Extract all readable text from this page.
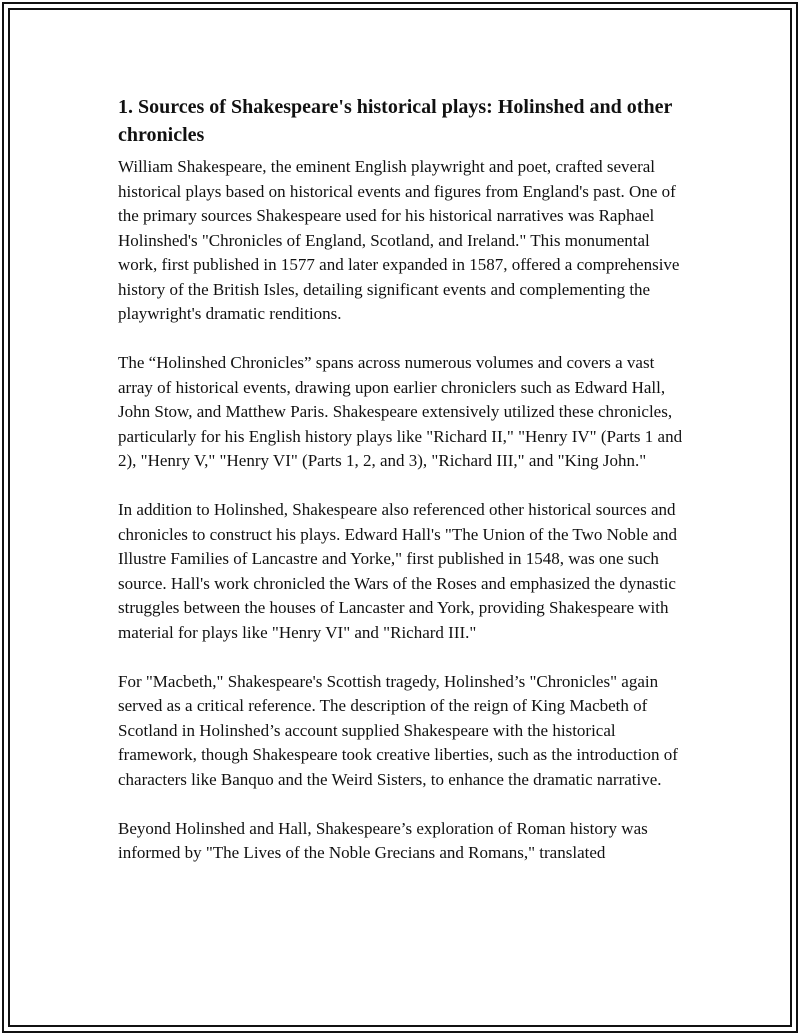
1. Sources of Shakespeare's historical plays: Holinshed and other chronicles

William Shakespeare, the eminent English playwright and poet, crafted several historical plays based on historical events and figures from England's past. One of the primary sources Shakespeare used for his historical narratives was Raphael Holinshed's "Chronicles of England, Scotland, and Ireland." This monumental work, first published in 1577 and later expanded in 1587, offered a comprehensive history of the British Isles, detailing significant events and complementing the playwright's dramatic renditions.

The “Holinshed Chronicles” spans across numerous volumes and covers a vast array of historical events, drawing upon earlier chroniclers such as Edward Hall, John Stow, and Matthew Paris. Shakespeare extensively utilized these chronicles, particularly for his English history plays like "Richard II," "Henry IV" (Parts 1 and 2), "Henry V," "Henry VI" (Parts 1, 2, and 3), "Richard III," and "King John."

In addition to Holinshed, Shakespeare also referenced other historical sources and chronicles to construct his plays. Edward Hall's "The Union of the Two Noble and Illustre Families of Lancastre and Yorke," first published in 1548, was one such source. Hall's work chronicled the Wars of the Roses and emphasized the dynastic struggles between the houses of Lancaster and York, providing Shakespeare with material for plays like "Henry VI" and "Richard III."

For "Macbeth," Shakespeare's Scottish tragedy, Holinshed’s "Chronicles" again served as a critical reference. The description of the reign of King Macbeth of Scotland in Holinshed’s account supplied Shakespeare with the historical framework, though Shakespeare took creative liberties, such as the introduction of characters like Banquo and the Weird Sisters, to enhance the dramatic narrative.

Beyond Holinshed and Hall, Shakespeare’s exploration of Roman history was informed by "The Lives of the Noble Grecians and Romans," translated
